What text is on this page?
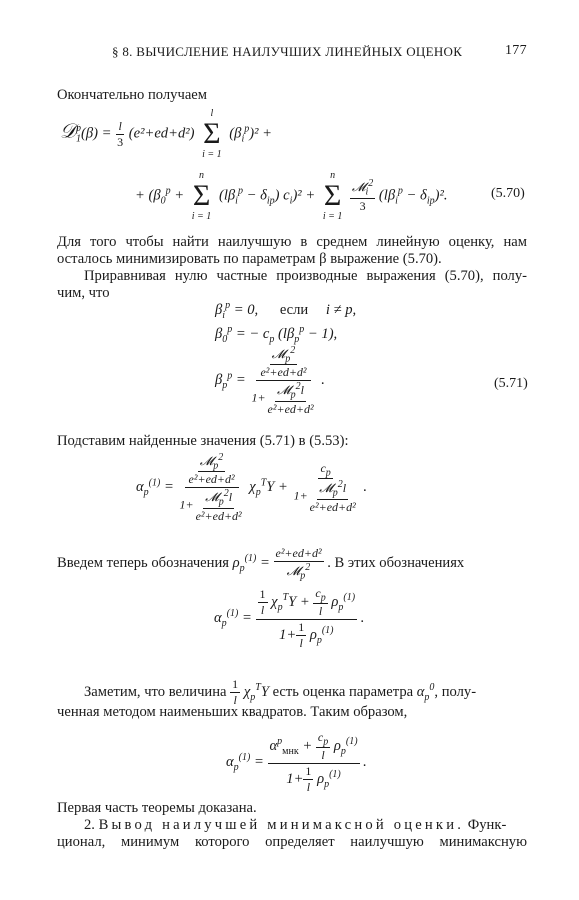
§ 8. ВЫЧИСЛЕНИЕ НАИЛУЧШИХ ЛИНЕЙНЫХ ОЦЕНОК	177
Окончательно получаем
𝒟$_1^p$(β) = $\frac{l}{3} (e^2+ed+d^2)$
l
Σ
i = 1
$(\beta_i^p)^2$ +
+ ($\beta_0^p$ +
n
Σ
i = 1
$(l\beta_i^p - \delta_{ip}) c_i)^2$ +
n
Σ
i = 1

$\frac{𝓜_i^2}{3} (l\beta_i^p - \delta_{ip})^2$.	(5.70)
Для того чтобы найти наилучшую в среднем линейную оценку, нам
осталось минимизировать по параметрам β выражение (5.70).
Приравнивая нулю частные производные выражения (5.70), полу-
чим, что
$\beta_i^p = 0$, если i ≠ p,
$\beta_0^p$ = − $c_p$ $(l\beta_p^p - 1)$,
$\beta_p^p = \frac{\frac{𝓜_p^2}{\text{e²+ed+d²}}}{1+ \frac{𝓜_p^2l}{\text{e²+ed+d²}}}$ .	(5.71)
Подставим найденные значения (5.71) в (5.53):
$\alpha_p^{(1)} = \frac{\frac{𝓜_p^2}{\text{e²+ed+d²}}}{1+ \frac{𝓜_p^2l}{\text{e²+ed+d²}}} \chi_p^TY + \frac{c_p}{1+ \frac{𝓜_p^2l}{\text{e²+ed+d²}}}$ .
Введем теперь обозначения $\rho_p^{(1)} = \frac{\text{e²+ed+d²}}{𝓜_p^2}$ . В этих обозначениях
$\alpha_p^{(1)} = \frac{\frac{1}{l} \chi_p^TY + \frac{c_p}{l} \rho_p^{(1)}}{1+ \frac{1}{l} \rho_p^{(1)}}$ .
Заметим, что величина $\frac{1}{l} \chi_p^TY$ есть оценка параметра $\alpha_p^0$, полу-
ченная методом наименьших квадратов. Таким образом,
$\alpha_p^{(1)} = \frac{\alpha^p_{мнк} + \frac{c_p}{l} \rho_p^{(1)}}{1+ \frac{1}{l} \rho_p^{(1)}}$ .
Первая часть теоремы доказана.
2. Вывод наилучшей минимаксной оценки. Функ-
ционал, минимум которого определяет наилучшую минимаксную
